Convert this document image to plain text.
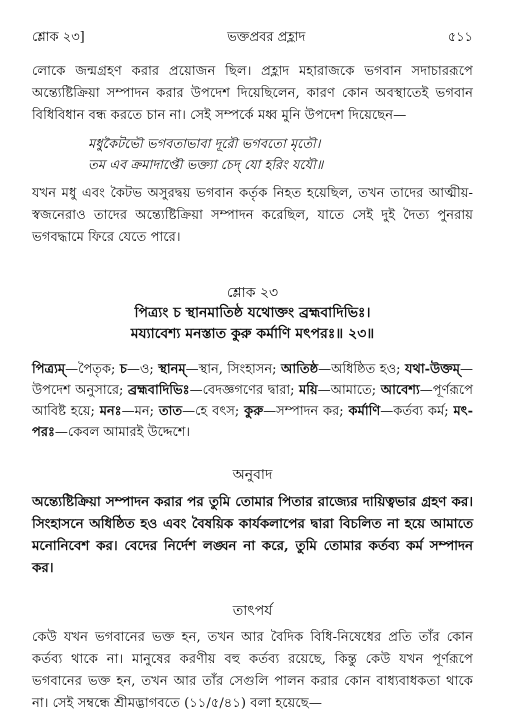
শ্লোক ২৩]	ভক্তপ্রবর প্রহ্লাদ	৫১১

লোকে জন্মগ্রহণ করার প্রয়োজন ছিল। প্রহ্লাদ মহারাজকে ভগবান সদাচাররূপে অন্ত্যেষ্টিক্রিয়া সম্পাদন করার উপদেশ দিয়েছিলেন, কারণ কোন অবস্থাতেই ভগবান বিধিবিধান বন্ধ করতে চান না। সেই সম্পর্কে মধ্ব মুনি উপদেশ দিয়েছেন—

মধুকৈটভৌ ভগবতাভাবা দূরৌ ভগবতো মৃতৌ।
তম এব ক্রমাদাপ্তৌ ভক্ত্যা চেদ্ যো হরিং যযৌ॥

যখন মধু এবং কৈটভ অসুরদ্বয় ভগবান কর্তৃক নিহত হয়েছিল, তখন তাদের আত্মীয়-স্বজনেরাও তাদের অন্ত্যেষ্টিক্রিয়া সম্পাদন করেছিল, যাতে সেই দুই দৈত্য পুনরায় ভগবদ্ধামে ফিরে যেতে পারে।

শ্লোক ২৩
পিত্র্যং চ স্থানমাতিষ্ঠ যথোক্তং ব্রহ্মবাদিভিঃ।
ময্যাবেশ্য মনস্তাত কুরু কর্মাণি মৎপরঃ॥ ২৩॥
পিত্র্যম্—পৈতৃক; চ—ও; স্থানম্—স্থান, সিংহাসন; আতিষ্ঠ—অধিষ্ঠিত হও; যথা-উক্তম্—উপদেশ অনুসারে; ব্রহ্মবাদিভিঃ—বেদজ্ঞগণের দ্বারা; ময়ি—আমাতে; আবেশ্য—পূর্ণরূপে আবিষ্ট হয়ে; মনঃ—মন; তাত—হে বৎস; কুরু—সম্পাদন কর; কর্মাণি—কর্তব্য কর্ম; মৎ-পরঃ—কেবল আমারই উদ্দেশে।
অনুবাদ

অন্ত্যেষ্টিক্রিয়া সম্পাদন করার পর তুমি তোমার পিতার রাজ্যের দায়িত্বভার গ্রহণ কর। সিংহাসনে অধিষ্ঠিত হও এবং বৈষয়িক কার্যকলাপের দ্বারা বিচলিত না হয়ে আমাতে মনোনিবেশ কর। বেদের নির্দেশ লঙ্ঘন না করে, তুমি তোমার কর্তব্য কর্ম সম্পাদন কর।

তাৎপর্য

কেউ যখন ভগবানের ভক্ত হন, তখন আর বৈদিক বিধি-নিষেধের প্রতি তাঁর কোন কর্তব্য থাকে না। মানুষের করণীয় বহু কর্তব্য রয়েছে, কিন্তু কেউ যখন পূর্ণরূপে ভগবানের ভক্ত হন, তখন আর তাঁর সেগুলি পালন করার কোন বাধ্যবাধকতা থাকে না। সেই সম্বন্ধে শ্রীমদ্ভাগবতে (১১/৫/৪১) বলা হয়েছে—
